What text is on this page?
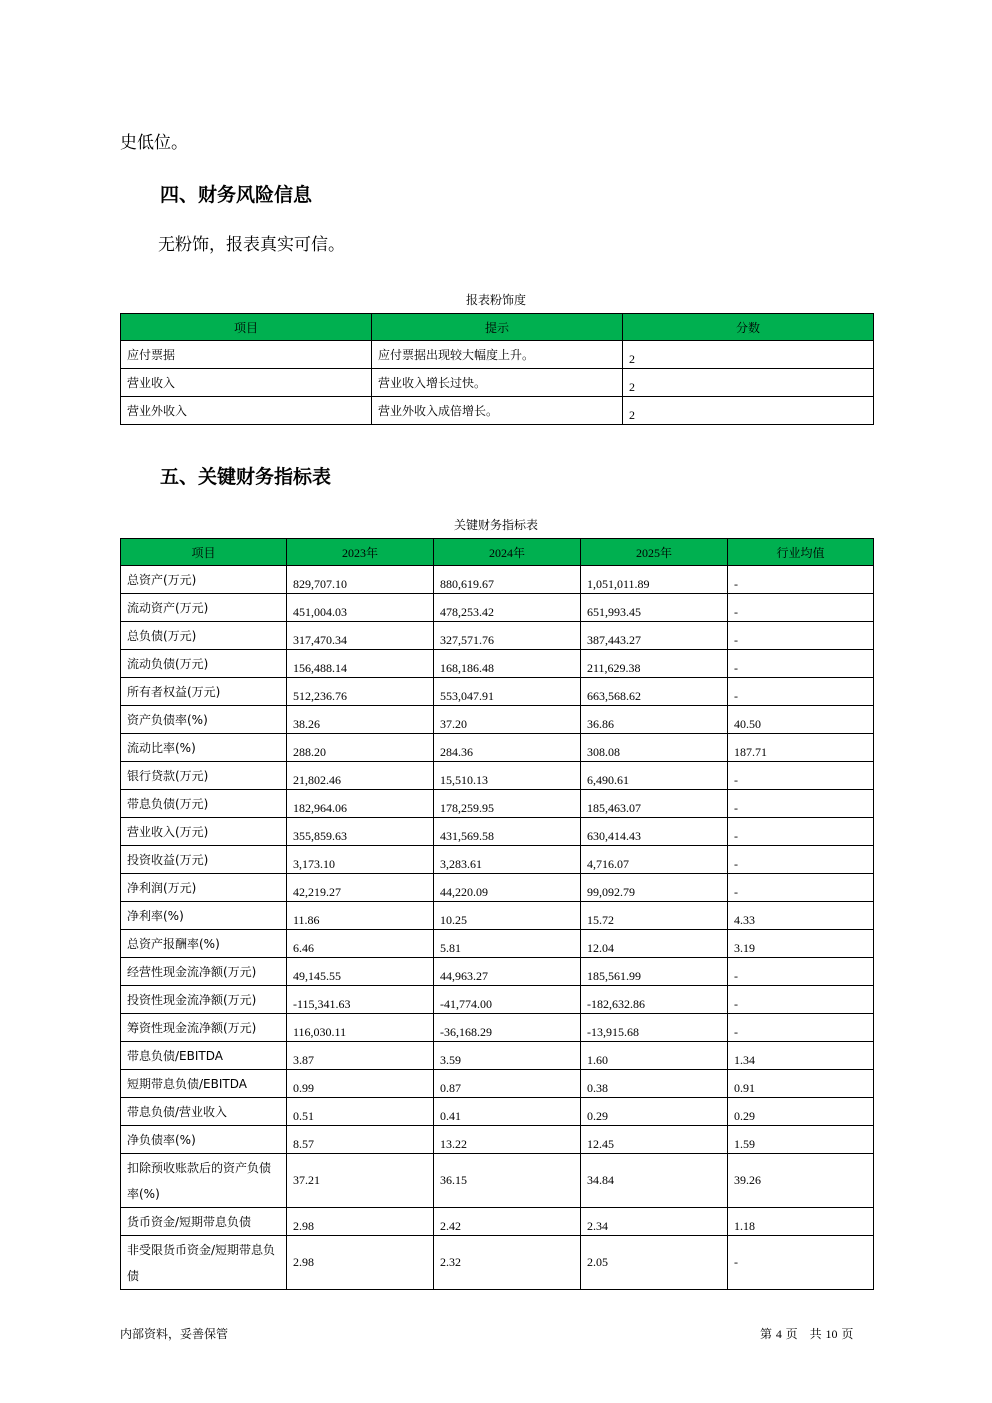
史低位。
四、财务风险信息
无粉饰，报表真实可信。
报表粉饰度
项目	提示	分数
应付票据	应付票据出现较大幅度上升。	2
营业收入	营业收入增长过快。	2
营业外收入	营业外收入成倍增长。	2
五、关键财务指标表
关键财务指标表
项目	2023年	2024年	2025年	行业均值
总资产(万元)	829,707.10	880,619.67	1,051,011.89	-
流动资产(万元)	451,004.03	478,253.42	651,993.45	-
总负债(万元)	317,470.34	327,571.76	387,443.27	-
流动负债(万元)	156,488.14	168,186.48	211,629.38	-
所有者权益(万元)	512,236.76	553,047.91	663,568.62	-
资产负债率(%)	38.26	37.20	36.86	40.50
流动比率(%)	288.20	284.36	308.08	187.71
银行贷款(万元)	21,802.46	15,510.13	6,490.61	-
带息负债(万元)	182,964.06	178,259.95	185,463.07	-
营业收入(万元)	355,859.63	431,569.58	630,414.43	-
投资收益(万元)	3,173.10	3,283.61	4,716.07	-
净利润(万元)	42,219.27	44,220.09	99,092.79	-
净利率(%)	11.86	10.25	15.72	4.33
总资产报酬率(%)	6.46	5.81	12.04	3.19
经营性现金流净额(万元)	49,145.55	44,963.27	185,561.99	-
投资性现金流净额(万元)	-115,341.63	-41,774.00	-182,632.86	-
筹资性现金流净额(万元)	116,030.11	-36,168.29	-13,915.68	-
带息负债/EBITDA	3.87	3.59	1.60	1.34
短期带息负债/EBITDA	0.99	0.87	0.38	0.91
带息负债/营业收入	0.51	0.41	0.29	0.29
净负债率(%)	8.57	13.22	12.45	1.59
扣除预收账款后的资产负债率(%)	37.21	36.15	34.84	39.26
货币资金/短期带息负债	2.98	2.42	2.34	1.18
非受限货币资金/短期带息负债	2.98	2.32	2.05	-
内部资料，妥善保管	第 4 页　共 10 页
